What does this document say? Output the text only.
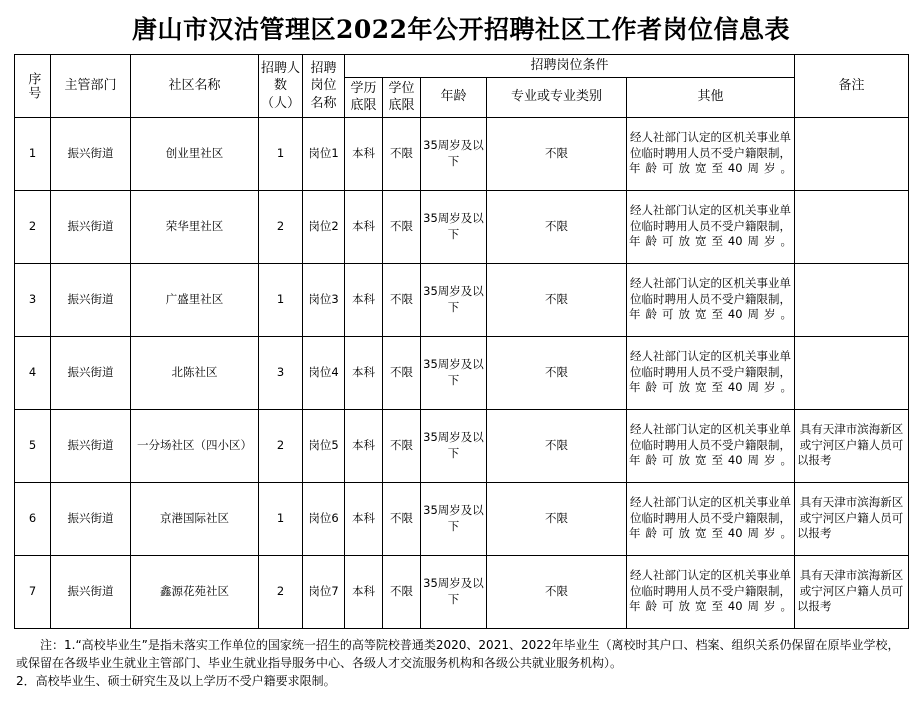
唐山市汉沽管理区2022年公开招聘社区工作者岗位信息表
序号	主管部门	社区名称	招聘人数（人）	招聘岗位名称	招聘岗位条件					备注
					学历底限	学位底限	年龄	专业或专业类别	其他	
1	振兴街道	创业里社区	1	岗位1	本科	不限	35周岁及以下	不限	经人社部门认定的区机关事业单位临时聘用人员不受户籍限制，年龄可放宽至40周岁。	
2	振兴街道	荣华里社区	2	岗位2	本科	不限	35周岁及以下	不限	经人社部门认定的区机关事业单位临时聘用人员不受户籍限制，年龄可放宽至40周岁。	
3	振兴街道	广盛里社区	1	岗位3	本科	不限	35周岁及以下	不限	经人社部门认定的区机关事业单位临时聘用人员不受户籍限制，年龄可放宽至40周岁。	
4	振兴街道	北陈社区	3	岗位4	本科	不限	35周岁及以下	不限	经人社部门认定的区机关事业单位临时聘用人员不受户籍限制，年龄可放宽至40周岁。	
5	振兴街道	一分场社区（四小区）	2	岗位5	本科	不限	35周岁及以下	不限	经人社部门认定的区机关事业单位临时聘用人员不受户籍限制，年龄可放宽至40周岁。	具有天津市滨海新区或宁河区户籍人员可以报考
6	振兴街道	京港国际社区	1	岗位6	本科	不限	35周岁及以下	不限	经人社部门认定的区机关事业单位临时聘用人员不受户籍限制，年龄可放宽至40周岁。	具有天津市滨海新区或宁河区户籍人员可以报考
7	振兴街道	鑫源花苑社区	2	岗位7	本科	不限	35周岁及以下	不限	经人社部门认定的区机关事业单位临时聘用人员不受户籍限制，年龄可放宽至40周岁。	具有天津市滨海新区或宁河区户籍人员可以报考

注：1.“高校毕业生”是指未落实工作单位的国家统一招生的高等院校普通类2020、2021、2022年毕业生（离校时其户口、档案、组织关系仍保留在原毕业学校，或保留在各级毕业生就业主管部门、毕业生就业指导服务中心、各级人才交流服务机构和各级公共就业服务机构）。

2．高校毕业生、硕士研究生及以上学历不受户籍要求限制。
